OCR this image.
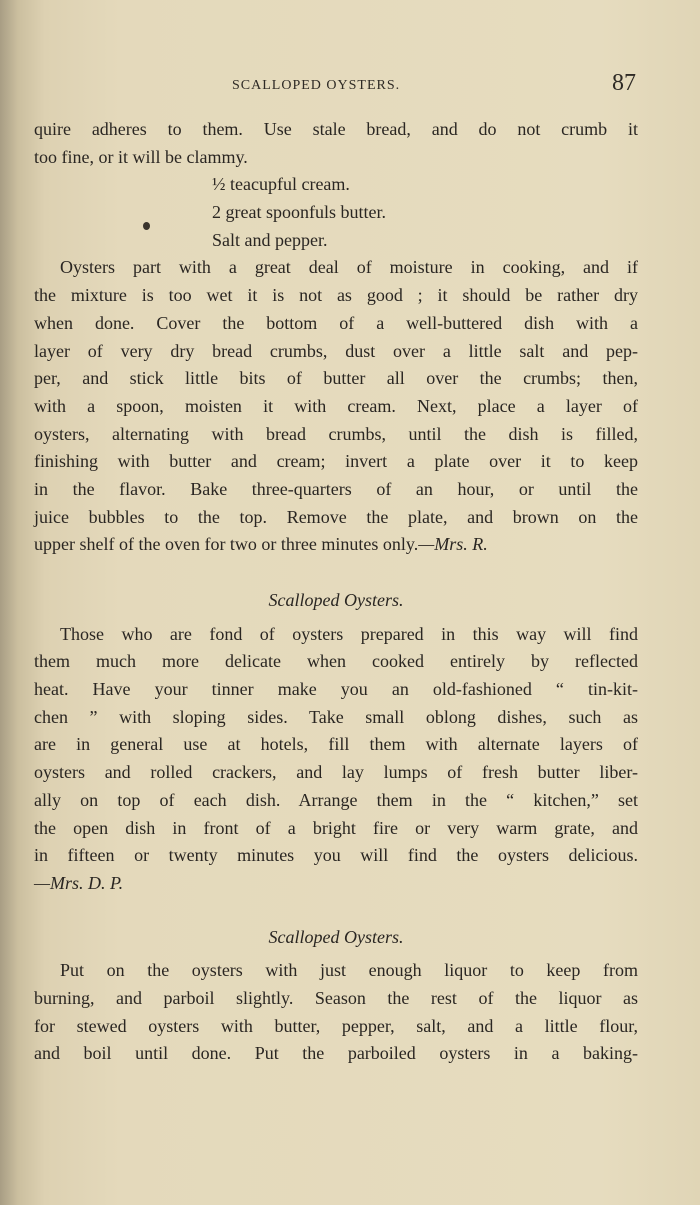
SCALLOPED OYSTERS.	87
quire adheres to them. Use stale bread, and do not crumb it
too fine, or it will be clammy.
½ teacupful cream.
2 great spoonfuls butter.
Salt and pepper.
Oysters part with a great deal of moisture in cooking, and if
the mixture is too wet it is not as good ; it should be rather dry
when done. Cover the bottom of a well-buttered dish with a
layer of very dry bread crumbs, dust over a little salt and pep-
per, and stick little bits of butter all over the crumbs; then,
with a spoon, moisten it with cream. Next, place a layer of
oysters, alternating with bread crumbs, until the dish is filled,
finishing with butter and cream; invert a plate over it to keep
in the flavor. Bake three-quarters of an hour, or until the
juice bubbles to the top. Remove the plate, and brown on the
upper shelf of the oven for two or three minutes only.—Mrs. R.
Scalloped Oysters.
Those who are fond of oysters prepared in this way will find
them much more delicate when cooked entirely by reflected
heat. Have your tinner make you an old-fashioned “ tin-kit-
chen ” with sloping sides. Take small oblong dishes, such as
are in general use at hotels, fill them with alternate layers of
oysters and rolled crackers, and lay lumps of fresh butter liber-
ally on top of each dish. Arrange them in the “ kitchen,” set
the open dish in front of a bright fire or very warm grate, and
in fifteen or twenty minutes you will find the oysters delicious.
—Mrs. D. P.
Scalloped Oysters.
Put on the oysters with just enough liquor to keep from
burning, and parboil slightly. Season the rest of the liquor as
for stewed oysters with butter, pepper, salt, and a little flour,
and boil until done. Put the parboiled oysters in a baking-
